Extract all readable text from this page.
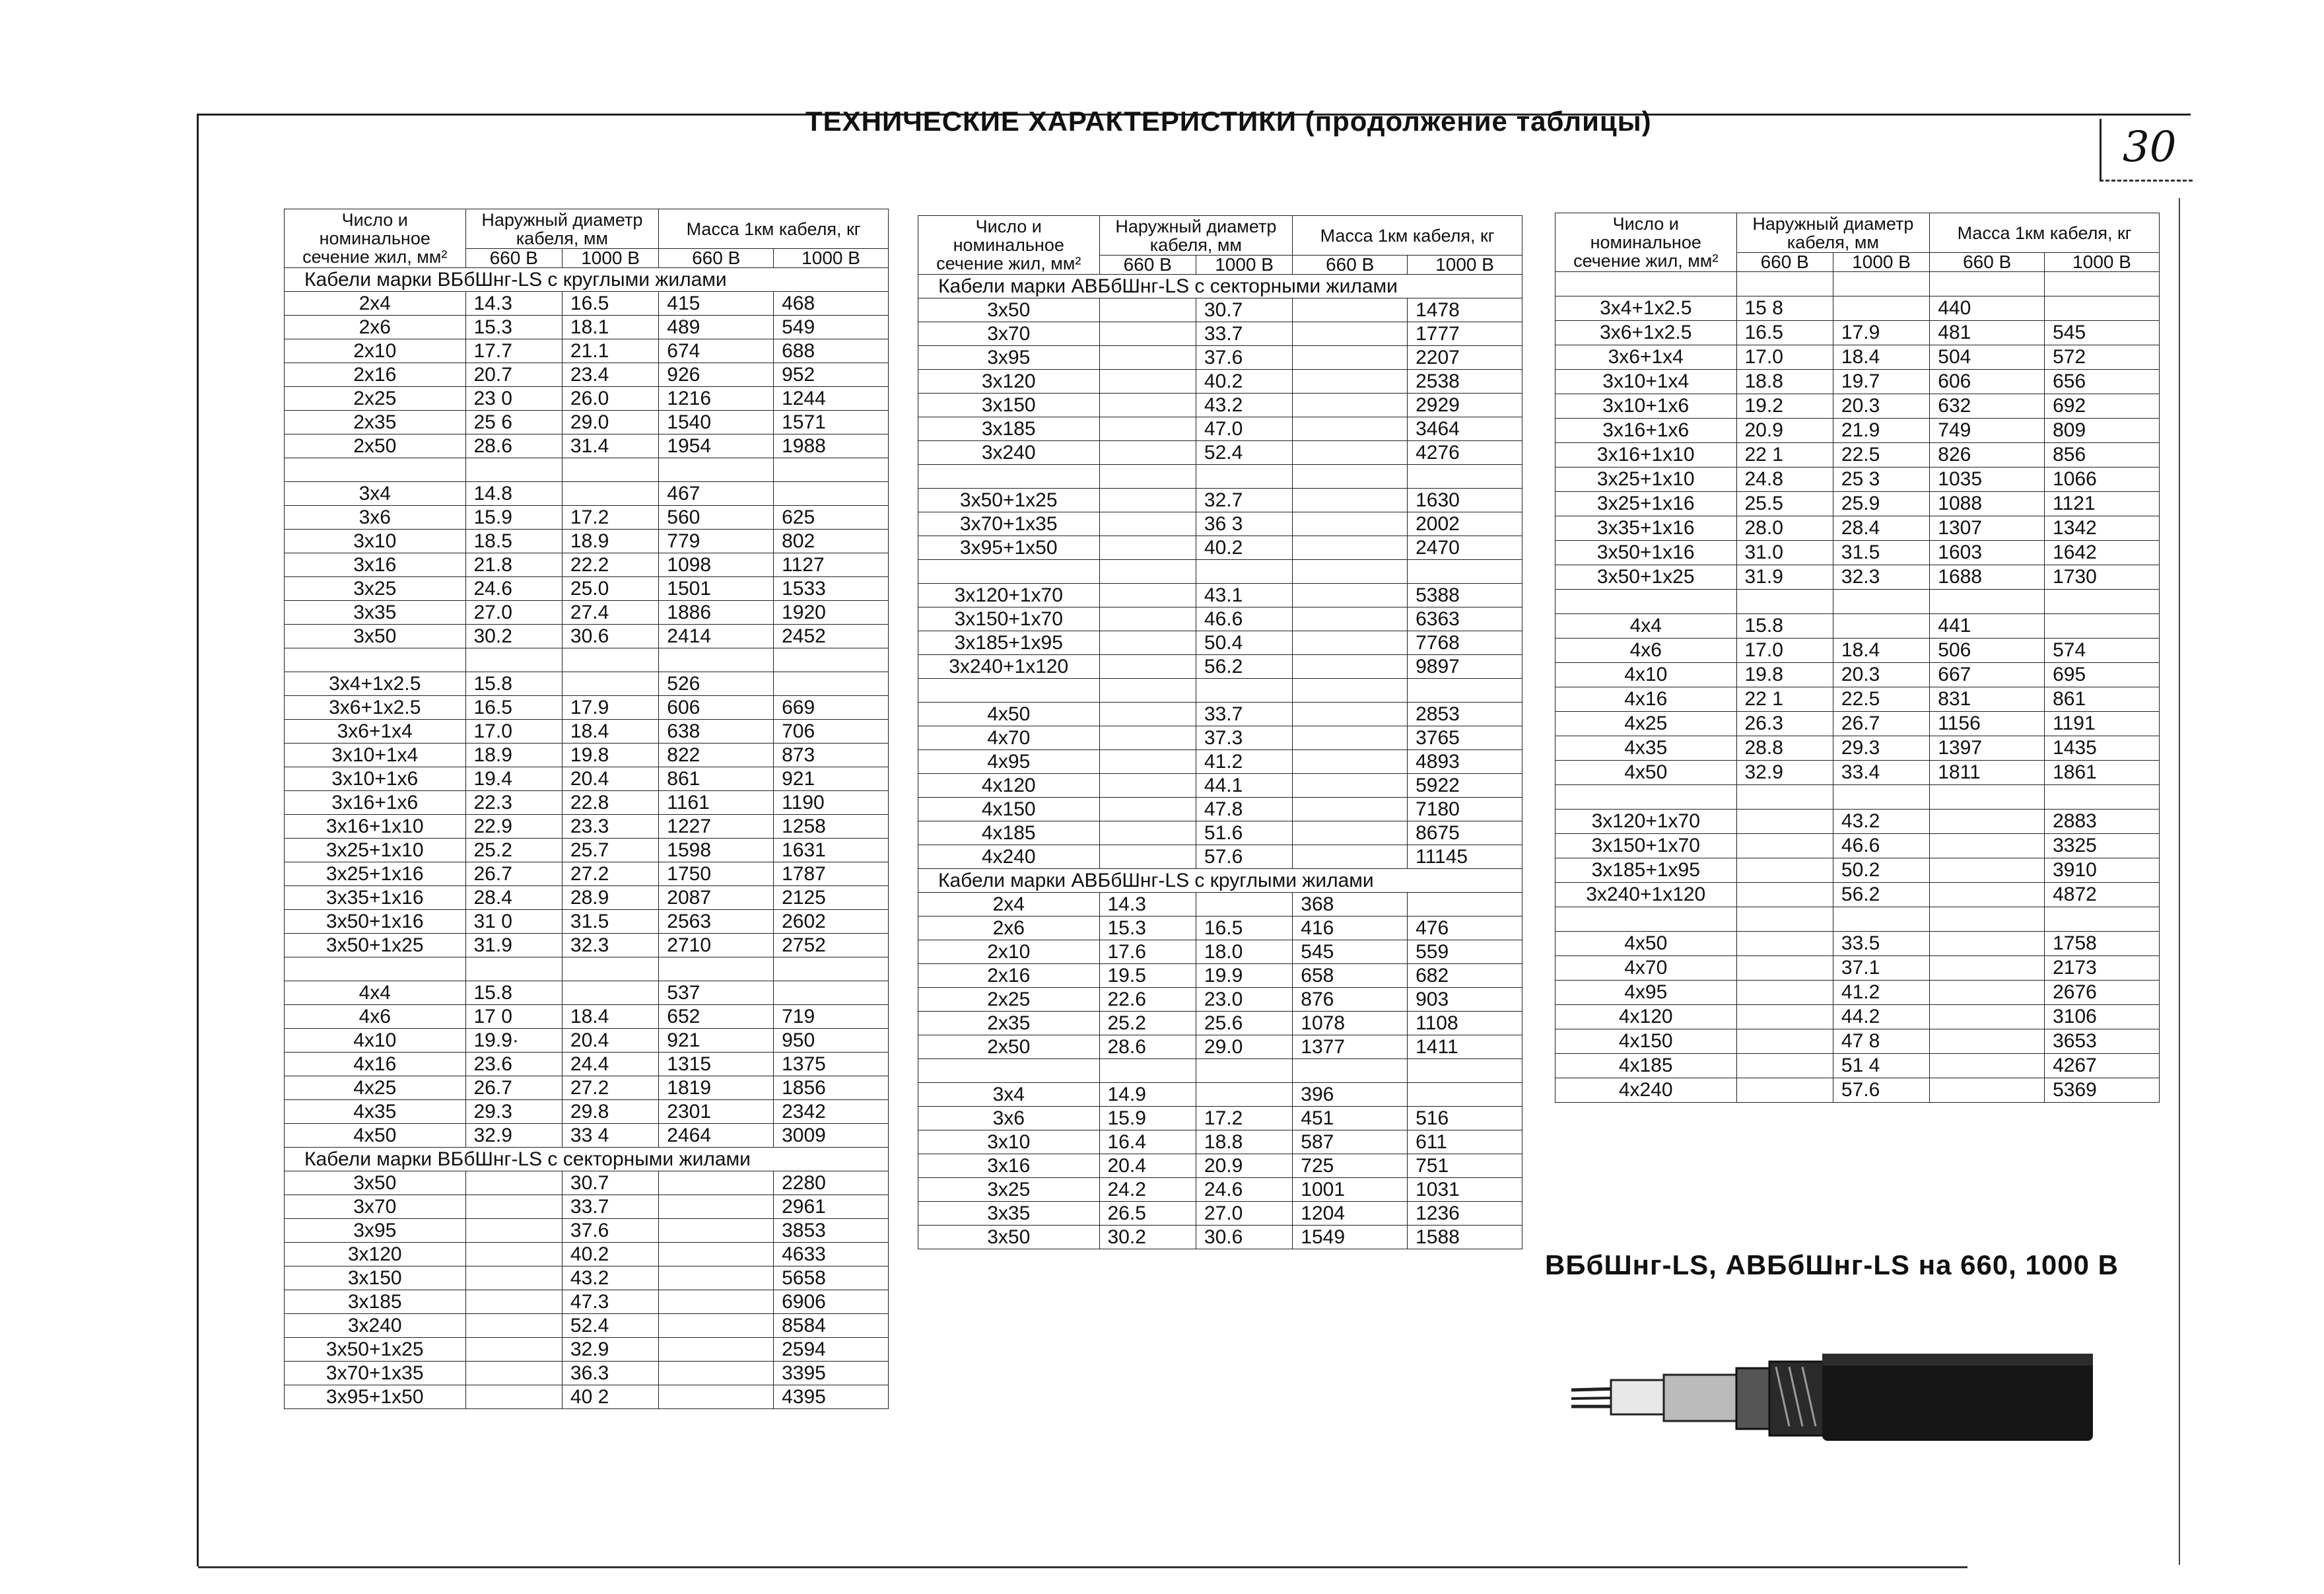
ТЕХНИЧЕСКИЕ ХАРАКТЕРИСТИКИ (продолжение таблицы)
30
Число и номинальное сечение жил, мм²	Наружный диаметр кабеля, мм		Масса 1км кабеля, кг	
	660 В	1000 В	660 В	1000 В
Кабели марки ВБбШнг-LS с круглыми жилами				
2x4	14.3	16.5	415	468
2x6	15.3	18.1	489	549
2x10	17.7	21.1	674	688
2x16	20.7	23.4	926	952
2x25	23 0	26.0	1216	1244
2x35	25 6	29.0	1540	1571
2x50	28.6	31.4	1954	1988

3x4	14.8		467	
3x6	15.9	17.2	560	625
3x10	18.5	18.9	779	802
3x16	21.8	22.2	1098	1127
3x25	24.6	25.0	1501	1533
3x35	27.0	27.4	1886	1920
3x50	30.2	30.6	2414	2452

3x4+1x2.5	15.8		526	
3x6+1x2.5	16.5	17.9	606	669
3x6+1x4	17.0	18.4	638	706
3x10+1x4	18.9	19.8	822	873
3x10+1x6	19.4	20.4	861	921
3x16+1x6	22.3	22.8	1161	1190
3x16+1x10	22.9	23.3	1227	1258
3x25+1x10	25.2	25.7	1598	1631
3x25+1x16	26.7	27.2	1750	1787
3x35+1x16	28.4	28.9	2087	2125
3x50+1x16	31 0	31.5	2563	2602
3x50+1x25	31.9	32.3	2710	2752

4x4	15.8		537	
4x6	17 0	18.4	652	719
4x10	19.9·	20.4	921	950
4x16	23.6	24.4	1315	1375
4x25	26.7	27.2	1819	1856
4x35	29.3	29.8	2301	2342
4x50	32.9	33 4	2464	3009
Кабели марки ВБбШнг-LS с секторными жилами				
3x50		30.7		2280
3x70		33.7		2961
3x95		37.6		3853
3x120		40.2		4633
3x150		43.2		5658
3x185		47.3		6906
3x240		52.4		8584
3x50+1x25		32.9		2594
3x70+1x35		36.3		3395
3x95+1x50		40 2		4395
Число и номинальное сечение жил, мм²	Наружный диаметр кабеля, мм		Масса 1км кабеля, кг	
	660 В	1000 В	660 В	1000 В
Кабели марки АВБбШнг-LS с секторными жилами				
3x50		30.7		1478
3x70		33.7		1777
3x95		37.6		2207
3x120		40.2		2538
3x150		43.2		2929
3x185		47.0		3464
3x240		52.4		4276

3x50+1x25		32.7		1630
3x70+1x35		36 3		2002
3x95+1x50		40.2		2470

3x120+1x70		43.1		5388
3x150+1x70		46.6		6363
3x185+1x95		50.4		7768
3x240+1x120		56.2		9897

4x50		33.7		2853
4x70		37.3		3765
4x95		41.2		4893
4x120		44.1		5922
4x150		47.8		7180
4x185		51.6		8675
4x240		57.6		11145
Кабели марки АВБбШнг-LS с круглыми жилами				
2x4	14.3		368	
2x6	15.3	16.5	416	476
2x10	17.6	18.0	545	559
2x16	19.5	19.9	658	682
2x25	22.6	23.0	876	903
2x35	25.2	25.6	1078	1108
2x50	28.6	29.0	1377	1411

3x4	14.9		396	
3x6	15.9	17.2	451	516
3x10	16.4	18.8	587	611
3x16	20.4	20.9	725	751
3x25	24.2	24.6	1001	1031
3x35	26.5	27.0	1204	1236
3x50	30.2	30.6	1549	1588
Число и номинальное сечение жил, мм²	Наружный диаметр кабеля, мм		Масса 1км кабеля, кг	
	660 В	1000 В	660 В	1000 В

3x4+1x2.5	15 8		440	
3x6+1x2.5	16.5	17.9	481	545
3x6+1x4	17.0	18.4	504	572
3x10+1x4	18.8	19.7	606	656
3x10+1x6	19.2	20.3	632	692
3x16+1x6	20.9	21.9	749	809
3x16+1x10	22 1	22.5	826	856
3x25+1x10	24.8	25 3	1035	1066
3x25+1x16	25.5	25.9	1088	1121
3x35+1x16	28.0	28.4	1307	1342
3x50+1x16	31.0	31.5	1603	1642
3x50+1x25	31.9	32.3	1688	1730

4x4	15.8		441	
4x6	17.0	18.4	506	574
4x10	19.8	20.3	667	695
4x16	22 1	22.5	831	861
4x25	26.3	26.7	1156	1191
4x35	28.8	29.3	1397	1435
4x50	32.9	33.4	1811	1861

3x120+1x70		43.2		2883
3x150+1x70		46.6		3325
3x185+1x95		50.2		3910
3x240+1x120		56.2		4872

4x50		33.5		1758
4x70		37.1		2173
4x95		41.2		2676
4x120		44.2		3106
4x150		47 8		3653
4x185		51 4		4267
4x240		57.6		5369
ВБбШнг-LS, АВБбШнг-LS на 660, 1000 В
